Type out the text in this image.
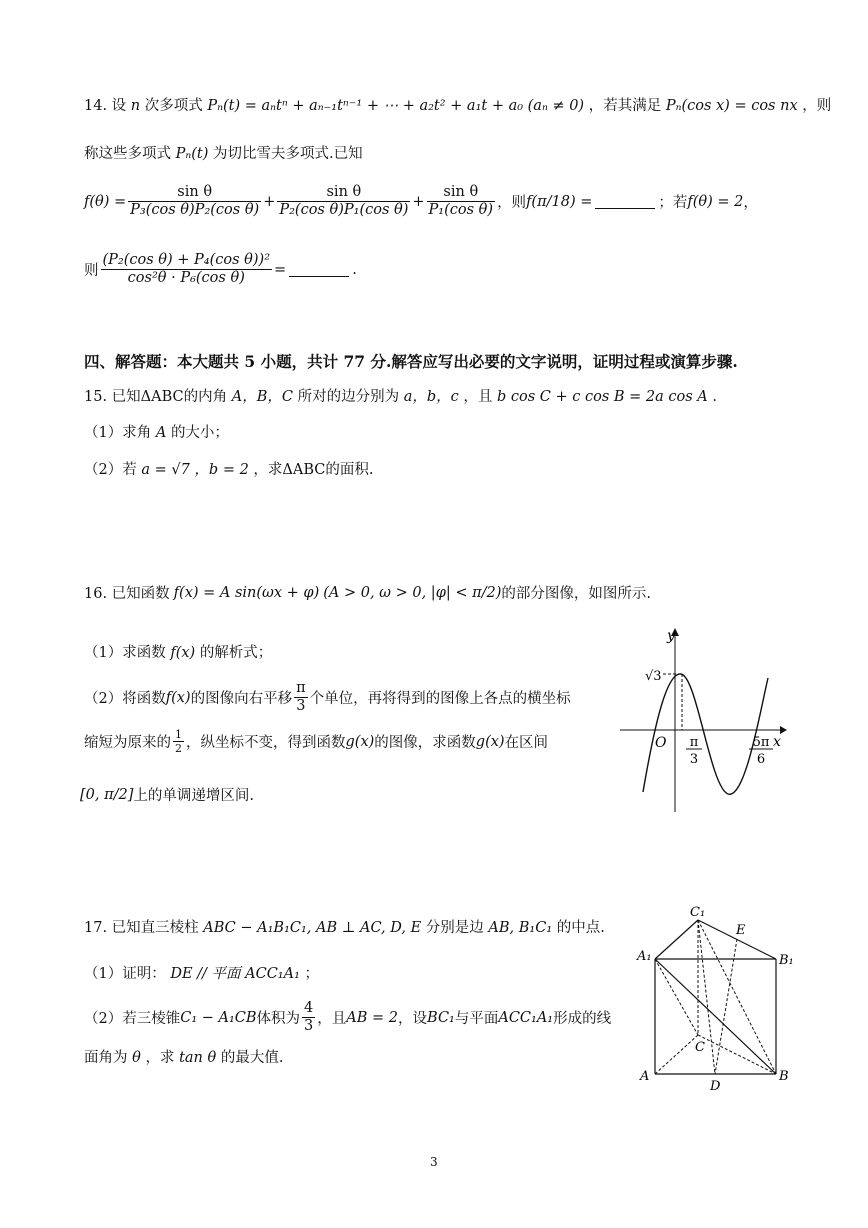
14. 设 n 次多项式 Pₙ(t) = aₙtⁿ + aₙ₋₁tⁿ⁻¹ + ⋯ + a₂t² + a₁t + a₀ (aₙ ≠ 0) ，若其满足 Pₙ(cos x) = cos nx ，则
称这些多项式 Pₙ(t) 为切比雪夫多项式.已知
$f(\theta) = \frac{\text{sin θ}}{\text{P₃(cos θ)P₂(cos θ)}} + \frac{\text{sin θ}}{\text{P₂(cos θ)P₁(cos θ)}} + \frac{\text{sin θ}}{\text{P₁(cos θ)}}$ ，则 f(π/18) =	；若 f(θ) = 2 ，
则 $\frac{\text{(P₂(cos θ) + P₄(cos θ))²}}{\text{cos²θ · P₆(cos θ)}}$ =	.
四、解答题：本大题共 5 小题，共计 77 分.解答应写出必要的文字说明，证明过程或演算步骤.
15. 已知ΔABC的内角 A，B，C 所对的边分别为 a，b，c ，且 b cos C + c cos B = 2a cos A .
（1）求角 A 的大小；
（2）若 a = √7 ，b = 2 ，求ΔABC的面积.
16. 已知函数 f(x) = A sin(ωx + φ) (A > 0, ω > 0, |φ| < π/2) 的部分图像，如图所示.
（1）求函数 f(x) 的解析式；
（2）将函数 f(x) 的图像向右平移 $\frac{\pi}{3}$ 个单位，再将得到的图像上各点的横坐标
缩短为原来的 $\frac{1}{2}$ ，纵坐标不变，得到函数 g(x) 的图像，求函数 g(x) 在区间
[0, π/2] 上的单调递增区间.
y
x
O
√3
π
3
5π
6
17. 已知直三棱柱 ABC − A₁B₁C₁, AB ⊥ AC, D, E 分别是边 AB, B₁C₁ 的中点.
（1）证明： DE // 平面 ACC₁A₁ ；
（2）若三棱锥 C₁ − A₁CB 体积为 $\frac{4}{3}$ ，且 AB = 2 ，设 BC₁ 与平面 ACC₁A₁ 形成的线
面角为 θ ，求 tan θ 的最大值.
C₁
E
A₁	B₁
C
A
D
B
3
